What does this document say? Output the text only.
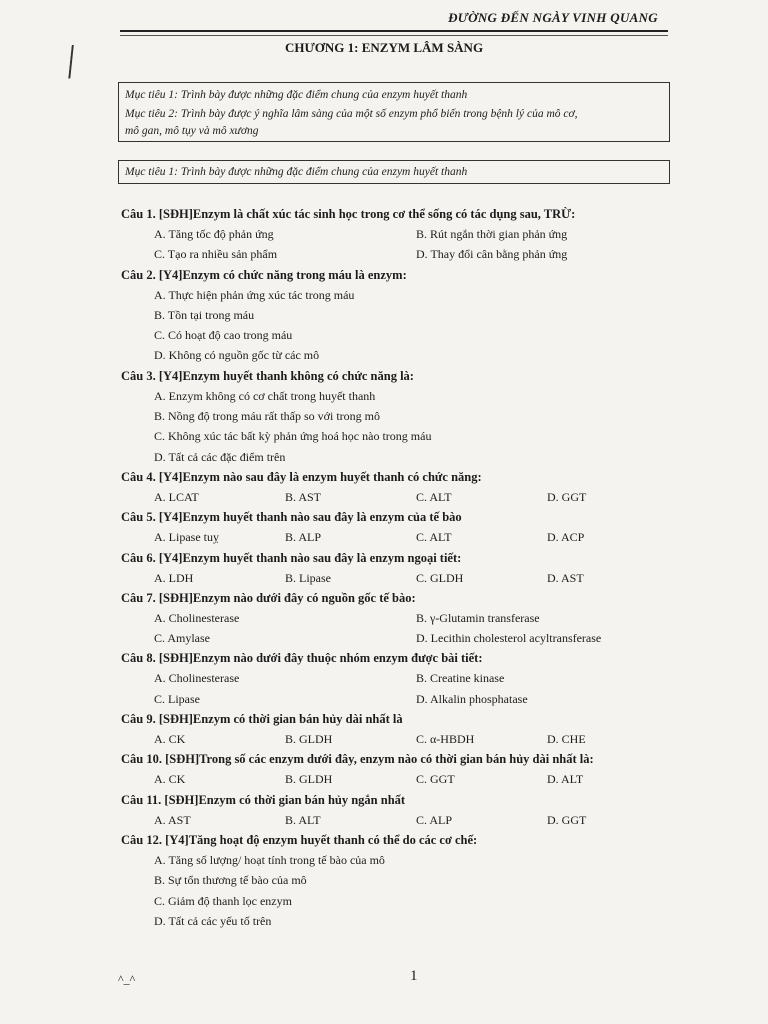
ĐƯỜNG ĐẾN NGÀY VINH QUANG
CHƯƠNG 1: ENZYM LÂM SÀNG
Mục tiêu 1: Trình bày được những đặc điểm chung của enzym huyết thanh
Mục tiêu 2: Trình bày được ý nghĩa lâm sàng của một số enzym phổ biến trong bệnh lý của mô cơ,
mô gan, mô tụy và mô xương
Mục tiêu 1: Trình bày được những đặc điểm chung của enzym huyết thanh
Câu 1. [SĐH]Enzym là chất xúc tác sinh học trong cơ thể sống có tác dụng sau, TRỪ:
A. Tăng tốc độ phản ứng	B. Rút ngắn thời gian phản ứng
C. Tạo ra nhiều sản phẩm	D. Thay đổi cân bằng phản ứng
Câu 2. [Y4]Enzym có chức năng trong máu là enzym:
A. Thực hiện phản ứng xúc tác trong máu
B. Tồn tại trong máu
C. Có hoạt độ cao trong máu
D. Không có nguồn gốc từ các mô
Câu 3. [Y4]Enzym huyết thanh không có chức năng là:
A. Enzym không có cơ chất trong huyết thanh
B. Nồng độ trong máu rất thấp so với trong mô
C. Không xúc tác bất kỳ phản ứng hoá học nào trong máu
D. Tất cả các đặc điểm trên
Câu 4. [Y4]Enzym nào sau đây là enzym huyết thanh có chức năng:
A. LCAT	B. AST	C. ALT	D. GGT
Câu 5. [Y4]Enzym huyết thanh nào sau đây là enzym của tế bào
A. Lipase tuỵ	B. ALP	C. ALT	D. ACP
Câu 6. [Y4]Enzym huyết thanh nào sau đây là enzym ngoại tiết:
A. LDH	B. Lipase	C. GLDH	D. AST
Câu 7. [SĐH]Enzym nào dưới đây có nguồn gốc tế bào:
A. Cholinesterase	B. γ-Glutamin transferase
C. Amylase	D. Lecithin cholesterol acyltransferase
Câu 8. [SĐH]Enzym nào dưới đây thuộc nhóm enzym được bài tiết:
A. Cholinesterase	B. Creatine kinase
C. Lipase	D. Alkalin phosphatase
Câu 9. [SĐH]Enzym có thời gian bán hủy dài nhất là
A. CK	B. GLDH	C. α-HBDH	D. CHE
Câu 10. [SĐH]Trong số các enzym dưới đây, enzym nào có thời gian bán hủy dài nhất là:
A. CK	B. GLDH	C. GGT	D. ALT
Câu 11. [SĐH]Enzym có thời gian bán hủy ngắn nhất
A. AST	B. ALT	C. ALP	D. GGT
Câu 12. [Y4]Tăng hoạt độ enzym huyết thanh có thể do các cơ chế:
A. Tăng số lượng/ hoạt tính trong tế bào của mô
B. Sự tổn thương tế bào của mô
C. Giảm độ thanh lọc enzym
D. Tất cả các yếu tố trên
^_^	1
